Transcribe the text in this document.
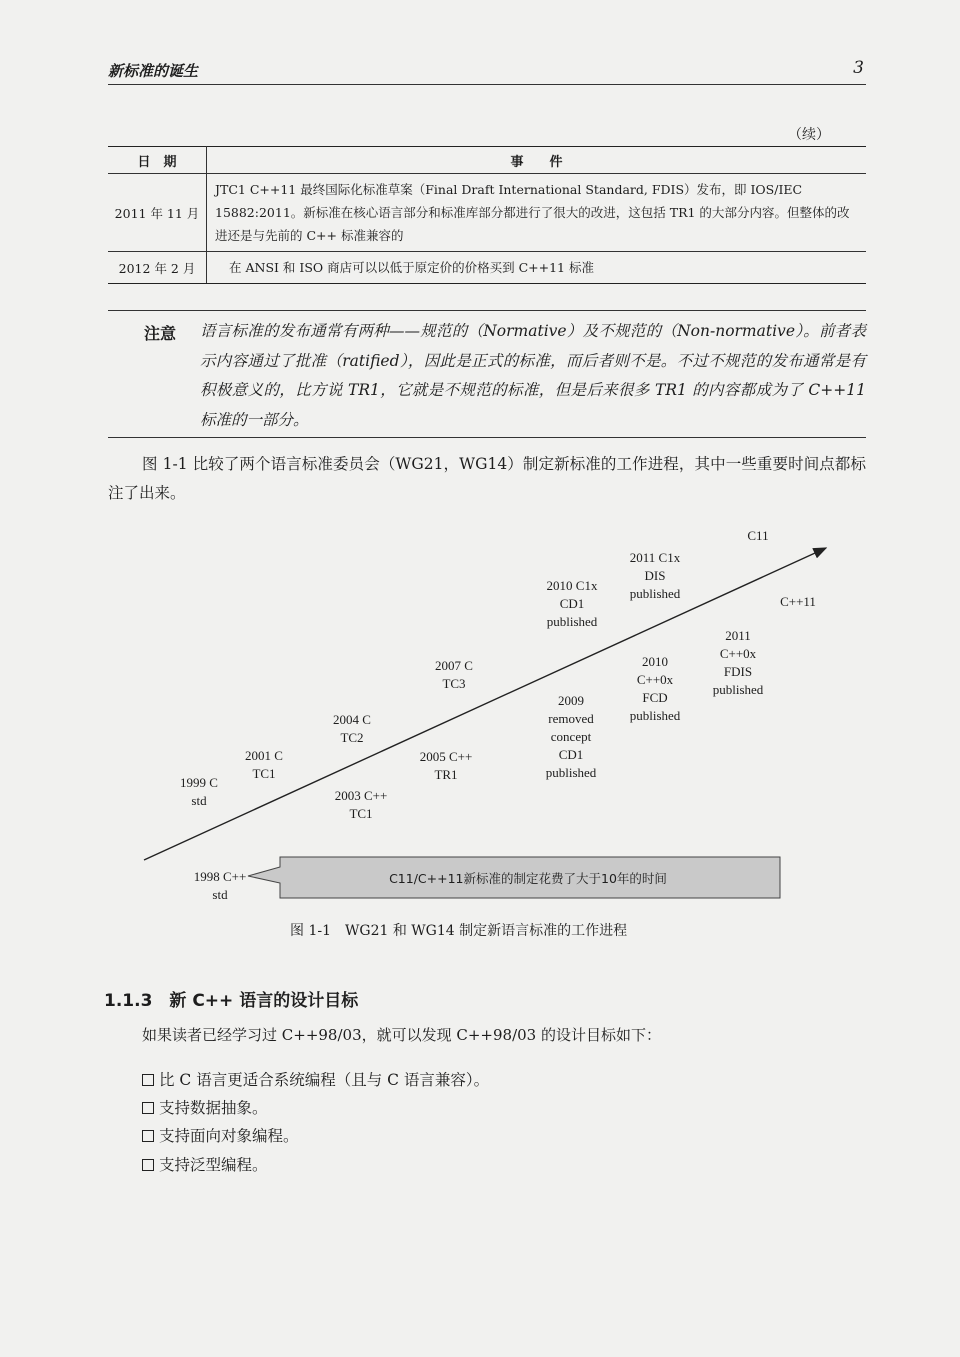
新标准的诞生	3
（续）
日　期	事　　件
2011 年 11 月	JTC1 C++11 最终国际化标准草案（Final Draft International Standard, FDIS）发布，即 IOS/IEC 15882:2011。新标准在核心语言部分和标准库部分都进行了很大的改进，这包括 TR1 的大部分内容。但整体的改进还是与先前的 C++ 标准兼容的
2012 年 2 月	在 ANSI 和 ISO 商店可以以低于原定价的价格买到 C++11 标准
注意 语言标准的发布通常有两种——规范的（Normative）及不规范的（Non-normative）。前者表示内容通过了批准（ratified），因此是正式的标准，而后者则不是。不过不规范的发布通常是有积极意义的，比方说 TR1，它就是不规范的标准，但是后来很多 TR1 的内容都成为了 C++11 标准的一部分。
图 1-1 比较了两个语言标准委员会（WG21，WG14）制定新标准的工作进程，其中一些重要时间点都标注了出来。
C11
2011 C1x DIS published
2010 C1x CD1 published
2007 C TC3
2004 C TC2
2001 C TC1
1999 C std
C++11
2011 C++0x FDIS published
2010 C++0x FCD published
2009 removed concept CD1 published
2005 C++ TR1
2003 C++ TC1
1998 C++ std
C11/C++11新标准的制定花费了大于10年的时间
图 1-1　WG21 和 WG14 制定新语言标准的工作进程
1.1.3　新 C++ 语言的设计目标
如果读者已经学习过 C++98/03，就可以发现 C++98/03 的设计目标如下：
比 C 语言更适合系统编程（且与 C 语言兼容）。
支持数据抽象。
支持面向对象编程。
支持泛型编程。
